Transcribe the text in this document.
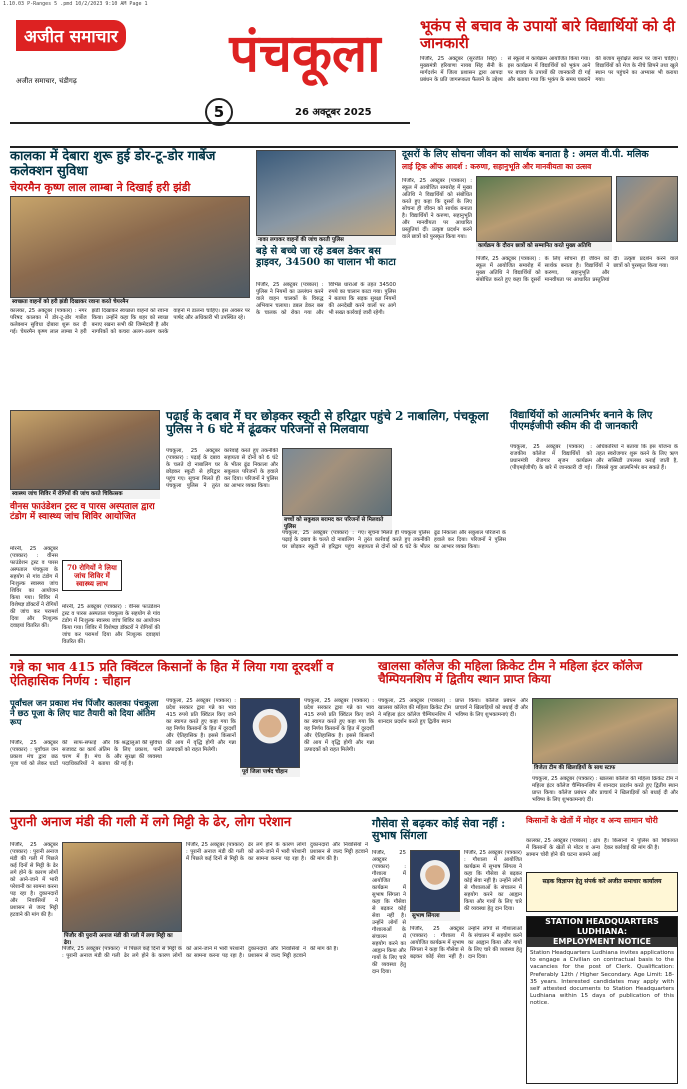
1.10.03 P-Ranges 5 .pmd 10/2/2023 9:10 AM Page 1
अजीत समाचार
अजीत समाचार, चंडीगढ़	पंचकूला
5	26 अक्टूबर 2025
भूकंप से बचाव के उपायों बारे विद्यार्थियों को दी जानकारी
पिंजौर, 25 अक्टूबर (सुरजीत सिंह) : मुख्यमंत्री हरियाणा नायब सिंह सैनी के मार्गदर्शन में जिला प्रशासन द्वारा आपदा प्रबंधन के प्रति जागरूकता फैलाने के उद्देश्य से स्कूलों में कार्यक्रम आयोजित किया गया। इस कार्यक्रम में विद्यार्थियों को भूकंप आने पर बचाव के उपायों की जानकारी दी गई और बताया गया कि भूकंप के समय घबराने की बजाय सुरक्षित स्थान पर जाना चाहिए। विद्यार्थियों को मेज के नीचे छिपने तथा खुले स्थान पर पहुंचने का अभ्यास भी कराया गया।
कालका में देबारा शुरू हुई डोर-टू-डोर गार्बेज कलेक्शन सुविधा
चेयरमैन कृष्ण लाल लाम्बा ने दिखाई हरी झंडी
स्वच्छता वाहनों को हरी झंडी दिखाकर रवाना करते चेयरमैन
कालका, 25 अक्टूबर (पत्रकार) : नगर परिषद कालका में डोर-टू-डोर गार्बेज कलेक्शन सुविधा दोबारा शुरू कर दी गई। चेयरमैन कृष्ण लाल लाम्बा ने हरी झंडी दिखाकर स्वच्छता वाहनों को रवाना किया। उन्होंने कहा कि शहर को स्वच्छ बनाए रखना सभी की जिम्मेदारी है और नागरिकों को कचरा अलग-अलग करके वाहनों में डालना चाहिए। इस अवसर पर पार्षद और अधिकारी भी उपस्थित रहे।
नाका लगाकर वाहनों की जांच करती पुलिस
बड़े से बच्चे जा रहे डबल डेकर बस ड्राइवर, 34500 का चालान भी काटा
पिंजौर, 25 अक्टूबर (पत्रकार) : पुलिस ने नियमों का उल्लंघन करने वाले वाहन चालकों के विरुद्ध अभियान चलाया। डबल डेकर बस के चालक को रोका गया और विभिन्न धाराओं के तहत 34500 रुपये का चालान काटा गया। पुलिस ने बताया कि सड़क सुरक्षा नियमों की अनदेखी करने वालों पर आगे भी सख्त कार्रवाई जारी रहेगी।
दूसरों के लिए सोचना जीवन को सार्थक बनाता है : अमल वी.पी. मलिक
लाई ट्रिक ऑफ आदर्श : करुणा, सहानुभूति और मानवीयता का उत्सव
पिंजौर, 25 अक्टूबर (पत्रकार) : स्कूल में आयोजित समारोह में मुख्य अतिथि ने विद्यार्थियों को संबोधित करते हुए कहा कि दूसरों के लिए सोचना ही जीवन को सार्थक बनाता है। विद्यार्थियों ने करुणा, सहानुभूति और मानवीयता पर आधारित प्रस्तुतियां दीं। उत्कृष्ट प्रदर्शन करने वाले छात्रों को पुरस्कृत किया गया।
कार्यक्रम के दौरान छात्रों को सम्मानित करते मुख्य अतिथि
पिंजौर, 25 अक्टूबर (पत्रकार) : स्कूल में आयोजित समारोह में मुख्य अतिथि ने विद्यार्थियों को संबोधित करते हुए कहा कि दूसरों के लिए सोचना ही जीवन को सार्थक बनाता है। विद्यार्थियों ने करुणा, सहानुभूति और मानवीयता पर आधारित प्रस्तुतियां दीं। उत्कृष्ट प्रदर्शन करने वाले छात्रों को पुरस्कृत किया गया।
स्वास्थ्य जांच शिविर में रोगियों की जांच करते चिकित्सक
वीनस फाउंडेशन ट्रस्ट व पारस अस्पताल द्वारा टंडोग में स्वास्थ्य जांच शिविर आयोजित
70 रोगियों ने लिया जांच शिविर में स्वास्थ्य लाभ
मोरनी, 25 अक्टूबर (पत्रकार) : वीनस फाउंडेशन ट्रस्ट व पारस अस्पताल पंचकूला के सहयोग से गांव टंडोग में निःशुल्क स्वास्थ्य जांच शिविर का आयोजन किया गया। शिविर में विशेषज्ञ डॉक्टरों ने रोगियों की जांच कर परामर्श दिया और निःशुल्क दवाइयां वितरित कीं।
मोरनी, 25 अक्टूबर (पत्रकार) : वीनस फाउंडेशन ट्रस्ट व पारस अस्पताल पंचकूला के सहयोग से गांव टंडोग में निःशुल्क स्वास्थ्य जांच शिविर का आयोजन किया गया। शिविर में विशेषज्ञ डॉक्टरों ने रोगियों की जांच कर परामर्श दिया और निःशुल्क दवाइयां वितरित कीं।
पढ़ाई के दबाव में घर छोड़कर स्कूटी से हरिद्वार पहुंचे 2 नाबालिग, पंचकूला पुलिस ने 6 घंटे में ढूंढकर परिजनों से मिलवाया
बच्चों को सकुशल बरामद कर परिजनों से मिलवाते पुलिस
पंचकूला, 25 अक्टूबर (पत्रकार) : पढ़ाई के दबाव के चलते दो नाबालिग घर छोड़कर स्कूटी से हरिद्वार पहुंच गए। सूचना मिलते ही पंचकूला पुलिस ने तुरंत कार्रवाई करते हुए तकनीकी सहायता से दोनों को 6 घंटे के भीतर ढूंढ निकाला और सकुशल परिजनों के हवाले कर दिया। परिजनों ने पुलिस का आभार व्यक्त किया।
पंचकूला, 25 अक्टूबर (पत्रकार) : पढ़ाई के दबाव के चलते दो नाबालिग घर छोड़कर स्कूटी से हरिद्वार पहुंच गए। सूचना मिलते ही पंचकूला पुलिस ने तुरंत कार्रवाई करते हुए तकनीकी सहायता से दोनों को 6 घंटे के भीतर ढूंढ निकाला और सकुशल परिजनों के हवाले कर दिया। परिजनों ने पुलिस का आभार व्यक्त किया।
विद्यार्थियों को आत्मनिर्भर बनाने के लिए पीएमईजीपी स्कीम की दी जानकारी
पंचकूला, 25 अक्टूबर (पत्रकार) : राजकीय कॉलेज में विद्यार्थियों को प्रधानमंत्री रोजगार सृजन कार्यक्रम (पीएमईजीपी) के बारे में जानकारी दी गई। अधिकारियों ने बताया कि इस योजना के तहत स्वरोजगार शुरू करने के लिए ऋण और सब्सिडी उपलब्ध कराई जाती है, जिससे युवा आत्मनिर्भर बन सकते हैं।
गन्ने का भाव 415 प्रति क्विंटल किसानों के हित में लिया गया दूरदर्शी व ऐतिहासिक निर्णय : चौहान
पंचकूला, 25 अक्टूबर (पत्रकार) : प्रदेश सरकार द्वारा गन्ने का भाव 415 रुपये प्रति क्विंटल किए जाने का स्वागत करते हुए कहा गया कि यह निर्णय किसानों के हित में दूरदर्शी और ऐतिहासिक है। इससे किसानों की आय में वृद्धि होगी और गन्ना उत्पादकों को राहत मिलेगी।
पूर्व जिला पार्षद चौहान
पंचकूला, 25 अक्टूबर (पत्रकार) : प्रदेश सरकार द्वारा गन्ने का भाव 415 रुपये प्रति क्विंटल किए जाने का स्वागत करते हुए कहा गया कि यह निर्णय किसानों के हित में दूरदर्शी और ऐतिहासिक है। इससे किसानों की आय में वृद्धि होगी और गन्ना उत्पादकों को राहत मिलेगी।
पूर्वांचल जन प्रकाश मंच पिंजौर कालका पंचकूला ने छठ पूजा के लिए घाट तैयारी को दिया अंतिम रूप
पिंजौर, 25 अक्टूबर (पत्रकार) : पूर्वांचल जन प्रकाश मंच द्वारा छठ पूजा पर्व को लेकर घाटों की साफ-सफाई और सजावट का कार्य अंतिम चरण में है। मंच के पदाधिकारियों ने बताया कि श्रद्धालुओं की सुविधा के लिए प्रकाश, पानी और सुरक्षा की व्यवस्था की गई है।
खालसा कॉलेज की महिला क्रिकेट टीम ने महिला इंटर कॉलेज चैम्पियनशिप में द्वितीय स्थान प्राप्त किया
पंचकूला, 25 अक्टूबर (पत्रकार) : खालसा कॉलेज की महिला क्रिकेट टीम ने महिला इंटर कॉलेज चैम्पियनशिप में शानदार प्रदर्शन करते हुए द्वितीय स्थान प्राप्त किया। कॉलेज प्रबंधन और प्राचार्य ने खिलाड़ियों को बधाई दी और भविष्य के लिए शुभकामनाएं दीं।
विजेता टीम की खिलाड़ियों के साथ स्टाफ
पंचकूला, 25 अक्टूबर (पत्रकार) : खालसा कॉलेज की महिला क्रिकेट टीम ने महिला इंटर कॉलेज चैम्पियनशिप में शानदार प्रदर्शन करते हुए द्वितीय स्थान प्राप्त किया। कॉलेज प्रबंधन और प्राचार्य ने खिलाड़ियों को बधाई दी और भविष्य के लिए शुभकामनाएं दीं।
पुरानी अनाज मंडी की गली में लगे मिट्टी के ढेर, लोग परेशान
पिंजौर, 25 अक्टूबर (पत्रकार) : पुरानी अनाज मंडी की गली में पिछले कई दिनों से मिट्टी के ढेर लगे होने के कारण लोगों को आने-जाने में भारी परेशानी का सामना करना पड़ रहा है। दुकानदारों और निवासियों ने प्रशासन से जल्द मिट्टी हटवाने की मांग की है।
पिंजौर की पुरानी अनाज मंडी की गली में लगा मिट्टी का ढेर।
पिंजौर, 25 अक्टूबर (पत्रकार) : पुरानी अनाज मंडी की गली में पिछले कई दिनों से मिट्टी के ढेर लगे होने के कारण लोगों को आने-जाने में भारी परेशानी का सामना करना पड़ रहा है। दुकानदारों और निवासियों ने प्रशासन से जल्द मिट्टी हटवाने की मांग की है।
पिंजौर, 25 अक्टूबर (पत्रकार) : पुरानी अनाज मंडी की गली में पिछले कई दिनों से मिट्टी के ढेर लगे होने के कारण लोगों को आने-जाने में भारी परेशानी का सामना करना पड़ रहा है। दुकानदारों और निवासियों ने प्रशासन से जल्द मिट्टी हटवाने की मांग की है।
गौसेवा से बढ़कर कोई सेवा नहीं : सुभाष सिंगला
पिंजौर, 25 अक्टूबर (पत्रकार) : गौशाला में आयोजित कार्यक्रम में सुभाष सिंगला ने कहा कि गौसेवा से बढ़कर कोई सेवा नहीं है। उन्होंने लोगों से गौशालाओं के संचालन में सहयोग करने का आह्वान किया और गायों के लिए चारे की व्यवस्था हेतु दान दिया।
सुभाष सिंगला
पिंजौर, 25 अक्टूबर (पत्रकार) : गौशाला में आयोजित कार्यक्रम में सुभाष सिंगला ने कहा कि गौसेवा से बढ़कर कोई सेवा नहीं है। उन्होंने लोगों से गौशालाओं के संचालन में सहयोग करने का आह्वान किया और गायों के लिए चारे की व्यवस्था हेतु दान दिया।
पिंजौर, 25 अक्टूबर (पत्रकार) : गौशाला में आयोजित कार्यक्रम में सुभाष सिंगला ने कहा कि गौसेवा से बढ़कर कोई सेवा नहीं है। उन्होंने लोगों से गौशालाओं के संचालन में सहयोग करने का आह्वान किया और गायों के लिए चारे की व्यवस्था हेतु दान दिया।
किसानों के खेतों में मोहर व अन्य सामान चोरी
कालका, 25 अक्टूबर (पत्रकार) : क्षेत्र में किसानों के खेतों से मोटर व अन्य सामान चोरी होने की घटना सामने आई है। किसानों ने पुलिस को शिकायत देकर कार्रवाई की मांग की है।
सड़क विज्ञापन हेतु संपर्क करें अजीत समाचार कार्यालय
STATION HEADQUARTERS LUDHIANA:
EMPLOYMENT NOTICE
Station Headquarters Ludhiana invites applications to engage a Civilian on contractual basis to the vacancies for the post of Clerk. Qualification: Preferably 12th / Higher Secondary. Age Limit: 18-35 years. Interested candidates may apply with self attested documents to Station Headquarters Ludhiana within 15 days of publication of this notice.
